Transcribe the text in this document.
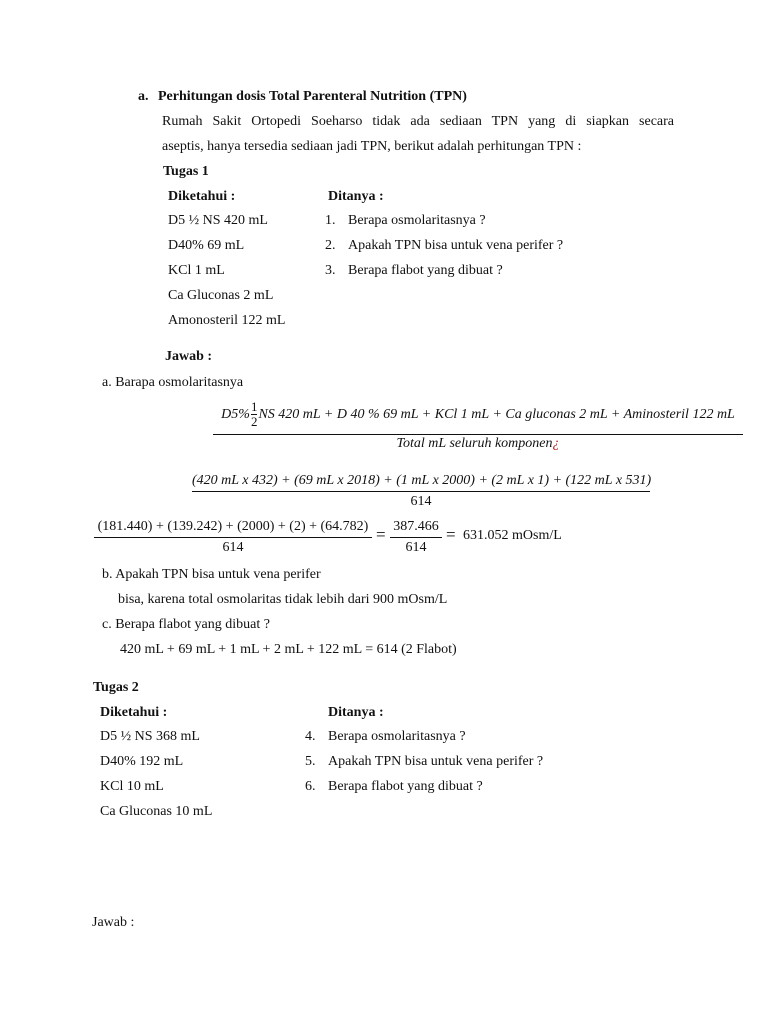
a. Perhitungan dosis Total Parenteral Nutrition (TPN)
Rumah Sakit Ortopedi Soeharso tidak ada sediaan TPN yang di siapkan secara
aseptis, hanya tersedia sediaan jadi TPN, berikut adalah perhitungan TPN :
Tugas 1
Diketahui :	Ditanya :
D5 ½ NS 420 mL
D40% 69 mL
KCl 1 mL
Ca Gluconas 2 mL
Amonosteril 122 mL
1. Berapa osmolaritasnya ?
2. Apakah TPN bisa untuk vena perifer ?
3. Berapa flabot yang dibuat ?
Jawab :
a. Barapa osmolaritasnya
$D5\% \frac{1}{2}$ NS 420 mL + D 40 % 69 mL + KCl 1 mL + Ca gluconas 2 mL + Aminosteril 122 mL
Total mL seluruh komponen¿
(420 mL x 432) + (69 mL x 2018) + (1 mL x 2000) + (2 mL x 1) + (122 mL x 531)
614
(181.440) + (139.242) + (2000) + (2) + (64.782)
614
= 387.466
614
= 631.052 mOsm/L
b. Apakah TPN bisa untuk vena perifer
bisa, karena total osmolaritas tidak lebih dari 900 mOsm/L
c. Berapa flabot yang dibuat ?
420 mL + 69 mL + 1 mL + 2 mL + 122 mL = 614 (2 Flabot)
Tugas 2
Diketahui :	Ditanya :
D5 ½ NS 368 mL
D40% 192 mL
KCl 10 mL
Ca Gluconas 10 mL
4. Berapa osmolaritasnya ?
5. Apakah TPN bisa untuk vena perifer ?
6. Berapa flabot yang dibuat ?
Jawab :
